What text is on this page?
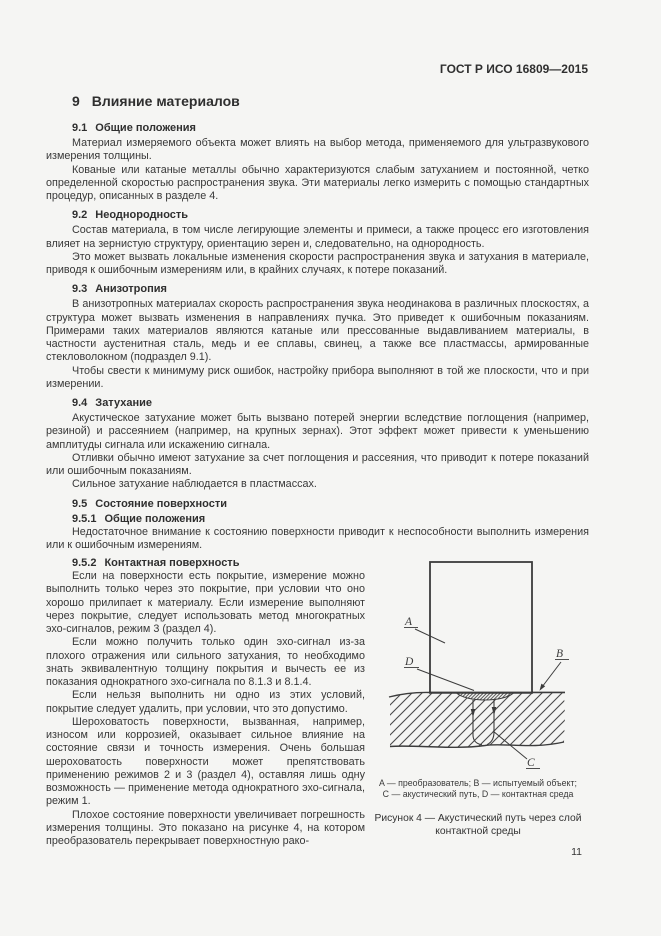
ГОСТ Р ИСО 16809—2015
9 Влияние материалов
9.1 Общие положения

Материал измеряемого объекта может влиять на выбор метода, применяемого для ультразвукового измерения толщины.

Кованые или катаные металлы обычно характеризуются слабым затуханием и постоянной, четко определенной скоростью распространения звука. Эти материалы легко измерить с помощью стандартных процедур, описанных в разделе 4.

9.2 Неоднородность

Состав материала, в том числе легирующие элементы и примеси, а также процесс его изготовления влияет на зернистую структуру, ориентацию зерен и, следовательно, на однородность.

Это может вызвать локальные изменения скорости распространения звука и затухания в материале, приводя к ошибочным измерениям или, в крайних случаях, к потере показаний.

9.3 Анизотропия

В анизотропных материалах скорость распространения звука неодинакова в различных плоскостях, а структура может вызвать изменения в направлениях пучка. Это приведет к ошибочным показаниям. Примерами таких материалов являются катаные или прессованные выдавливанием материалы, в частности аустенитная сталь, медь и ее сплавы, свинец, а также все пластмассы, армированные стекловолокном (подраздел 9.1).

Чтобы свести к минимуму риск ошибок, настройку прибора выполняют в той же плоскости, что и при измерении.

9.4 Затухание

Акустическое затухание может быть вызвано потерей энергии вследствие поглощения (например, резиной) и рассеянием (например, на крупных зернах). Этот эффект может привести к уменьшению амплитуды сигнала или искажению сигнала.

Отливки обычно имеют затухание за счет поглощения и рассеяния, что приводит к потере показаний или ошибочным показаниям.

Сильное затухание наблюдается в пластмассах.

9.5 Состояние поверхности
9.5.1 Общие положения

Недостаточное внимание к состоянию поверхности приводит к неспособности выполнить измерения или к ошибочным измерениям.

9.5.2 Контактная поверхность

Если на поверхности есть покрытие, измерение можно выполнить только через это покрытие, при условии что оно хорошо прилипает к материалу. Если измерение выполняют через покрытие, следует использовать метод многократных эхо-сигналов, режим 3 (раздел 4).

Если можно получить только один эхо-сигнал из-за плохого отражения или сильного затухания, то необходимо знать эквивалентную толщину покрытия и вычесть ее из показания однократного эхо-сигнала по 8.1.3 и 8.1.4.

Если нельзя выполнить ни одно из этих условий, покрытие следует удалить, при условии, что это допустимо.

Шероховатость поверхности, вызванная, например, износом или коррозией, оказывает сильное влияние на состояние связи и точность измерения. Очень большая шероховатость поверхности может препятствовать применению режимов 2 и 3 (раздел 4), оставляя лишь одну возможность — применение метода однократного эхо-сигнала, режим 1.

Плохое состояние поверхности увеличивает погрешность измерения толщины. Это показано на рисунке 4, на котором преобразователь перекрывает поверхностную рако-

A
D
B
C
A — преобразователь; B — испытуемый объект;
C — акустический путь, D — контактная среда
Рисунок 4 — Акустический путь через слой
контактной среды
11
